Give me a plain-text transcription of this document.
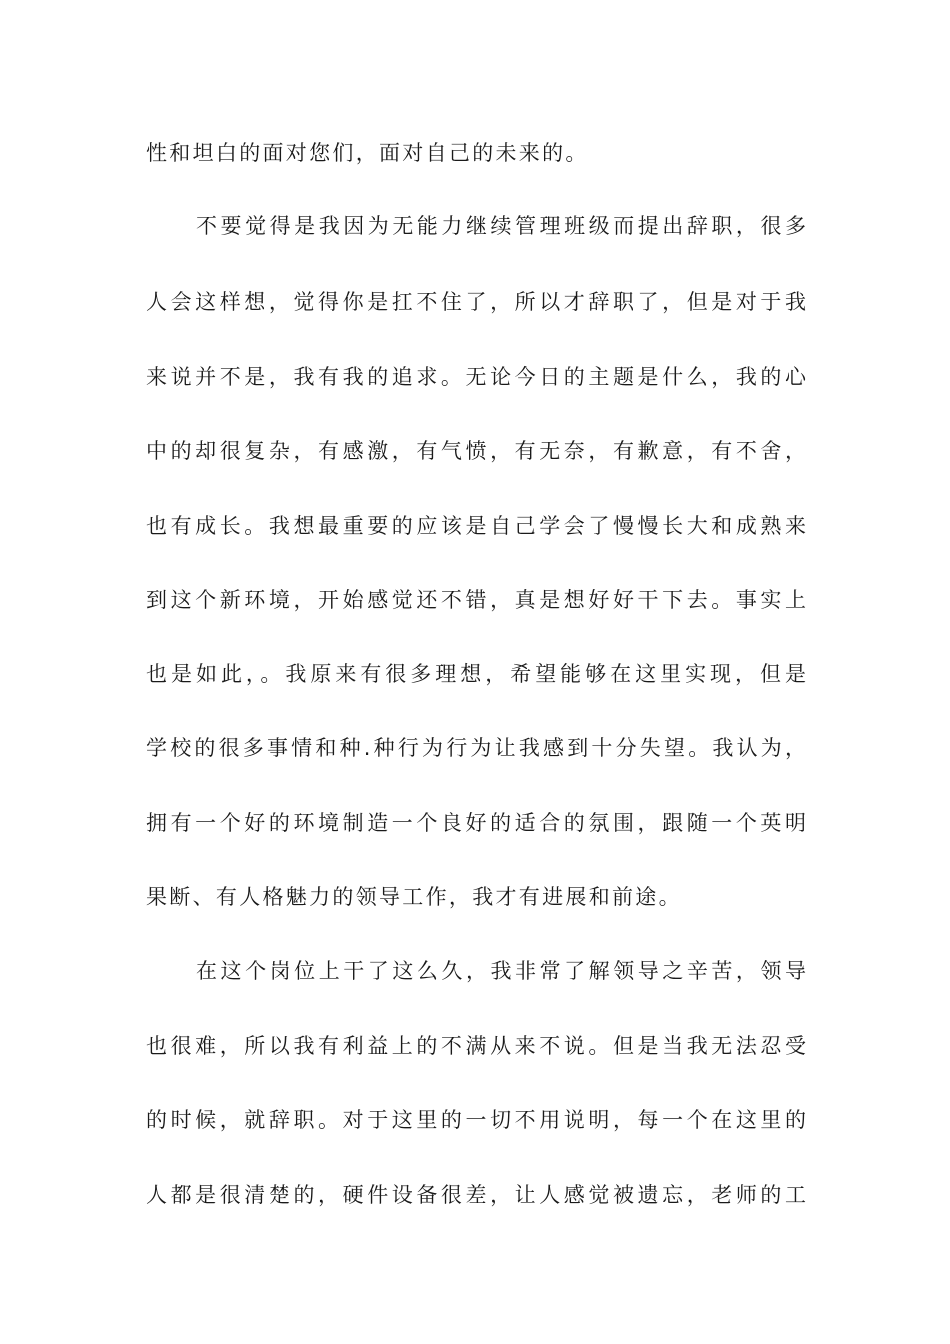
性和坦白的面对您们，面对自己的未来的。
不要觉得是我因为无能力继续管理班级而提出辞职，很多
人会这样想，觉得你是扛不住了，所以才辞职了，但是对于我
来说并不是，我有我的追求。无论今日的主题是什么，我的心
中的却很复杂，有感激，有气愤，有无奈，有歉意，有不舍，
也有成长。我想最重要的应该是自己学会了慢慢长大和成熟来
到这个新环境，开始感觉还不错，真是想好好干下去。事实上
也是如此，。我原来有很多理想，希望能够在这里实现，但是
学校的很多事情和种.种行为行为让我感到十分失望。我认为，
拥有一个好的环境制造一个良好的适合的氛围，跟随一个英明
果断、有人格魅力的领导工作，我才有进展和前途。
在这个岗位上干了这么久，我非常了解领导之辛苦，领导
也很难，所以我有利益上的不满从来不说。但是当我无法忍受
的时候，就辞职。对于这里的一切不用说明，每一个在这里的
人都是很清楚的，硬件设备很差，让人感觉被遗忘，老师的工
